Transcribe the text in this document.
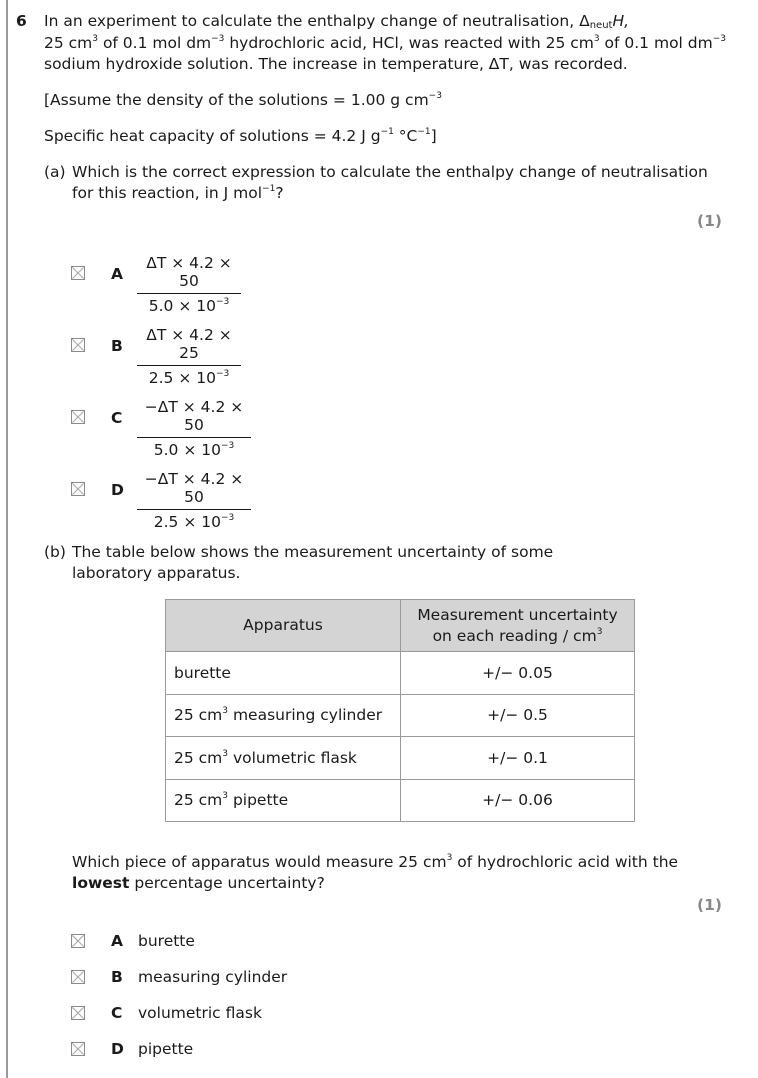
6 In an experiment to calculate the enthalpy change of neutralisation, $\Delta_{neut}H$,
25 $cm^3$ of 0.1 mol $dm^{-3}$ hydrochloric acid, HCl, was reacted with 25 $cm^3$ of 0.1 mol $dm^{-3}$
sodium hydroxide solution. The increase in temperature, ΔT, was recorded.
[Assume the density of the solutions = 1.00 g $cm^{-3}$
Specific heat capacity of solutions = 4.2 J $g^{-1}$ $^\circ C^{-1}$]
(a) Which is the correct expression to calculate the enthalpy change of neutralisation
for this reaction, in J mol$^{-1}$?
(1)
A $\frac{\Delta T \times 4.2 \times 50}{5.0 \times 10^{-3}}$
B $\frac{\Delta T \times 4.2 \times 25}{2.5 \times 10^{-3}}$
C $\frac{-\Delta T \times 4.2 \times 50}{5.0 \times 10^{-3}}$
D $\frac{-\Delta T \times 4.2 \times 50}{2.5 \times 10^{-3}}$
(b) The table below shows the measurement uncertainty of some
laboratory apparatus.
Apparatus	Measurement uncertainty
on each reading / $cm^3$
burette	+/− 0.05
25 $cm^3$ measuring cylinder	+/− 0.5
25 $cm^3$ volumetric flask	+/− 0.1
25 $cm^3$ pipette	+/− 0.06
Which piece of apparatus would measure 25 $cm^3$ of hydrochloric acid with the
lowest percentage uncertainty?
(1)
A burette
B measuring cylinder
C volumetric flask
D pipette
